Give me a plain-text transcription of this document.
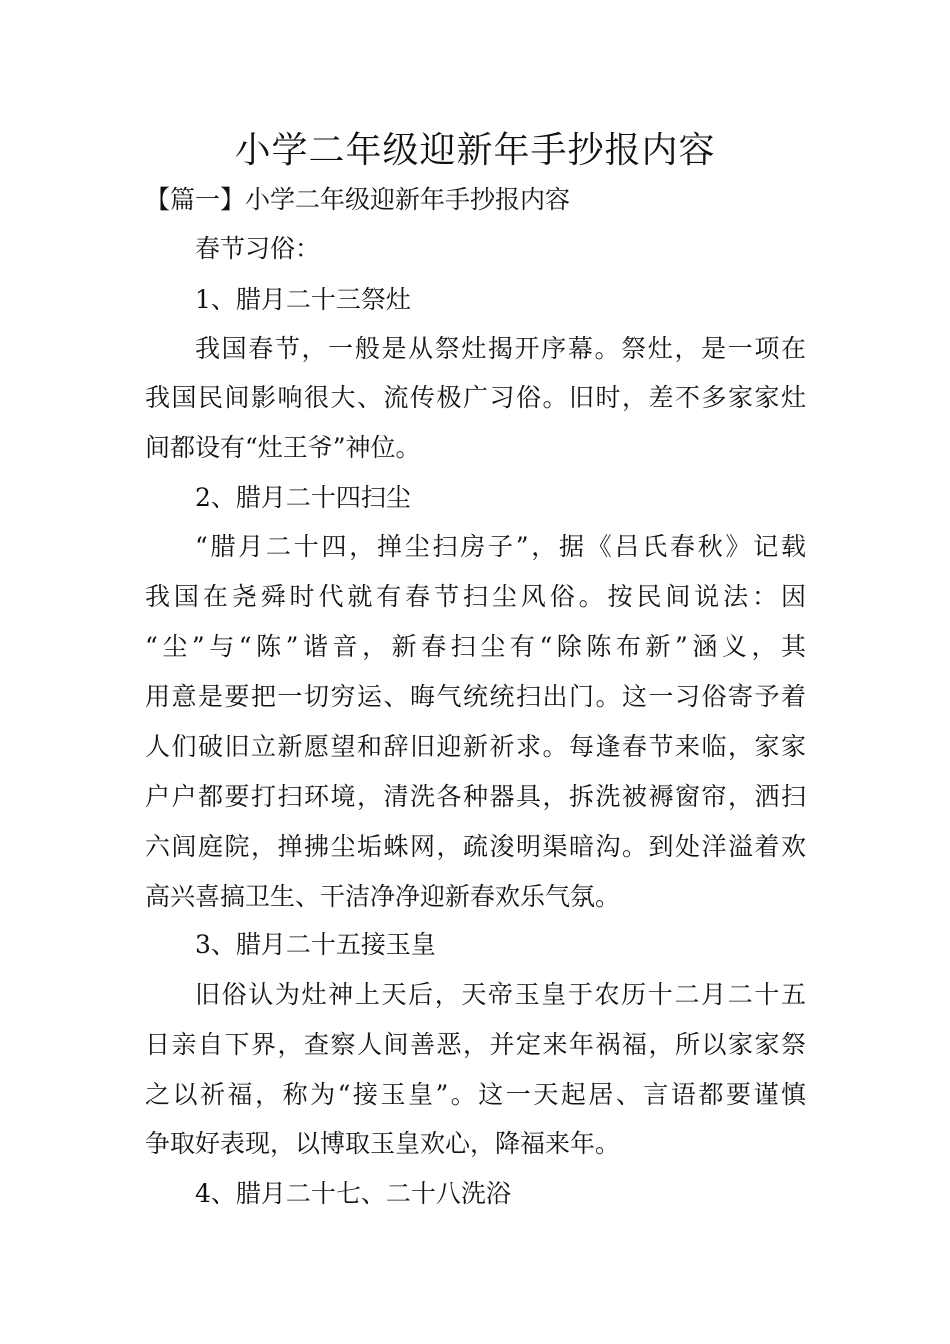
小学二年级迎新年手抄报内容

【篇一】小学二年级迎新年手抄报内容

春节习俗：

1、腊月二十三祭灶

我国春节，一般是从祭灶揭开序幕。祭灶，是一项在

我国民间影响很大、流传极广习俗。旧时，差不多家家灶

间都设有“灶王爷”神位。

2、腊月二十四扫尘

“腊月二十四，掸尘扫房子”，据《吕氏春秋》记载

我国在尧舜时代就有春节扫尘风俗。按民间说法：因

“尘”与“陈”谐音，新春扫尘有“除陈布新”涵义，其

用意是要把一切穷运、晦气统统扫出门。这一习俗寄予着

人们破旧立新愿望和辞旧迎新祈求。每逢春节来临，家家

户户都要打扫环境，清洗各种器具，拆洗被褥窗帘，洒扫

六闾庭院，掸拂尘垢蛛网，疏浚明渠暗沟。到处洋溢着欢

高兴喜搞卫生、干洁净净迎新春欢乐气氛。

3、腊月二十五接玉皇

旧俗认为灶神上天后，天帝玉皇于农历十二月二十五

日亲自下界，查察人间善恶，并定来年祸福，所以家家祭

之以祈福，称为“接玉皇”。这一天起居、言语都要谨慎

争取好表现，以博取玉皇欢心，降福来年。

4、腊月二十七、二十八洗浴
